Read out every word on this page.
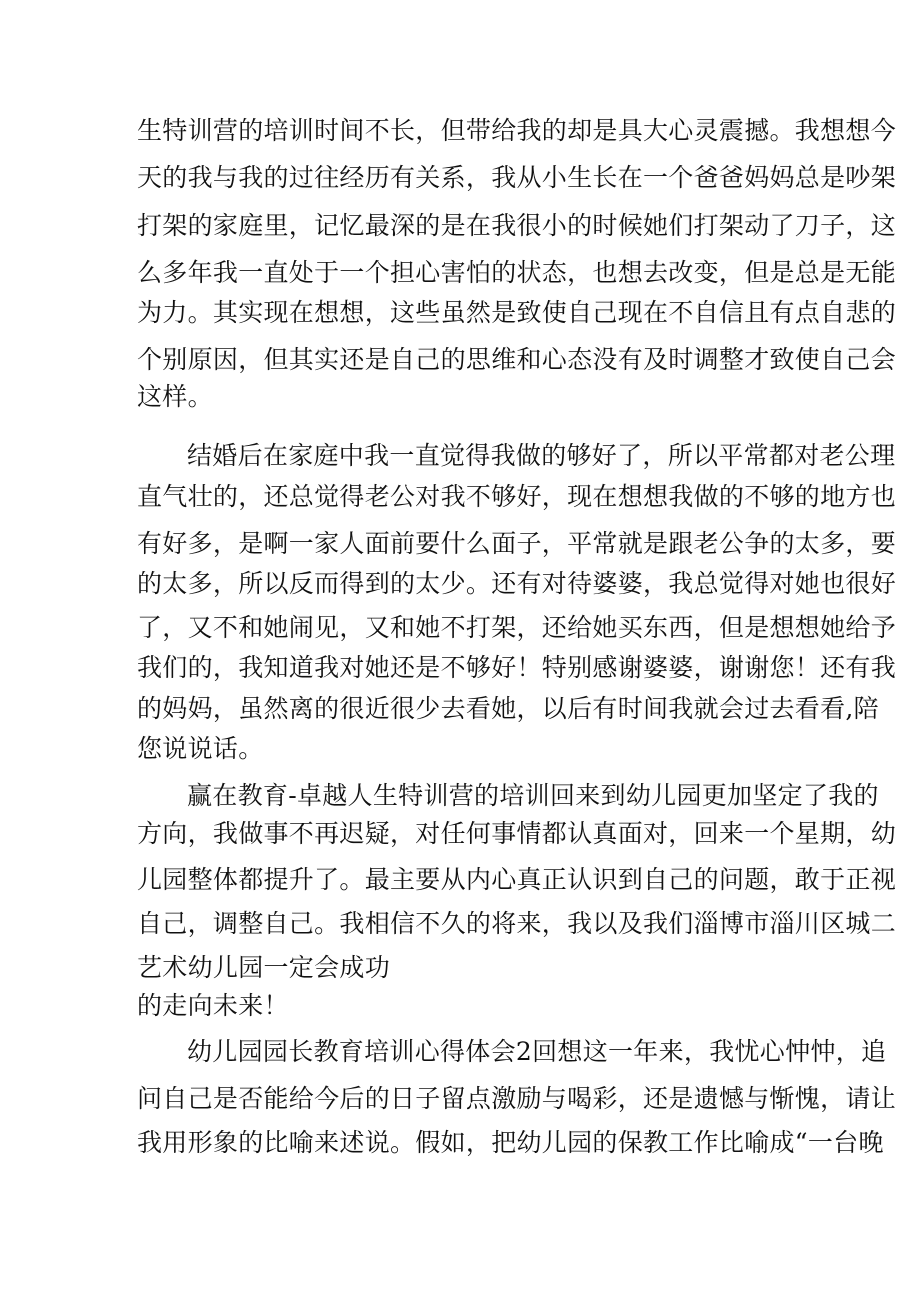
生特训营的培训时间不长，但带给我的却是具大心灵震撼。我想想今
天的我与我的过往经历有关系，我从小生长在一个爸爸妈妈总是吵架
打架的家庭里，记忆最深的是在我很小的时候她们打架动了刀子，这
么多年我一直处于一个担心害怕的状态，也想去改变，但是总是无能
为力。其实现在想想，这些虽然是致使自己现在不自信且有点自悲的
个别原因，但其实还是自己的思维和心态没有及时调整才致使自己会
这样。
结婚后在家庭中我一直觉得我做的够好了，所以平常都对老公理
直气壮的，还总觉得老公对我不够好，现在想想我做的不够的地方也
有好多，是啊一家人面前要什么面子，平常就是跟老公争的太多，要
的太多，所以反而得到的太少。还有对待婆婆，我总觉得对她也很好
了，又不和她闹见，又和她不打架，还给她买东西，但是想想她给予
我们的，我知道我对她还是不够好！特别感谢婆婆，谢谢您！还有我
的妈妈，虽然离的很近很少去看她，以后有时间我就会过去看看,陪
您说说话。
赢在教育-卓越人生特训营的培训回来到幼儿园更加坚定了我的
方向，我做事不再迟疑，对任何事情都认真面对，回来一个星期，幼
儿园整体都提升了。最主要从内心真正认识到自己的问题，敢于正视
自己，调整自己。我相信不久的将来，我以及我们淄博市淄川区城二
艺术幼儿园一定会成功
的走向未来！
幼儿园园长教育培训心得体会2回想这一年来，我忧心忡忡，追
问自己是否能给今后的日子留点激励与喝彩，还是遗憾与惭愧，请让
我用形象的比喻来述说。假如，把幼儿园的保教工作比喻成“一台晚
